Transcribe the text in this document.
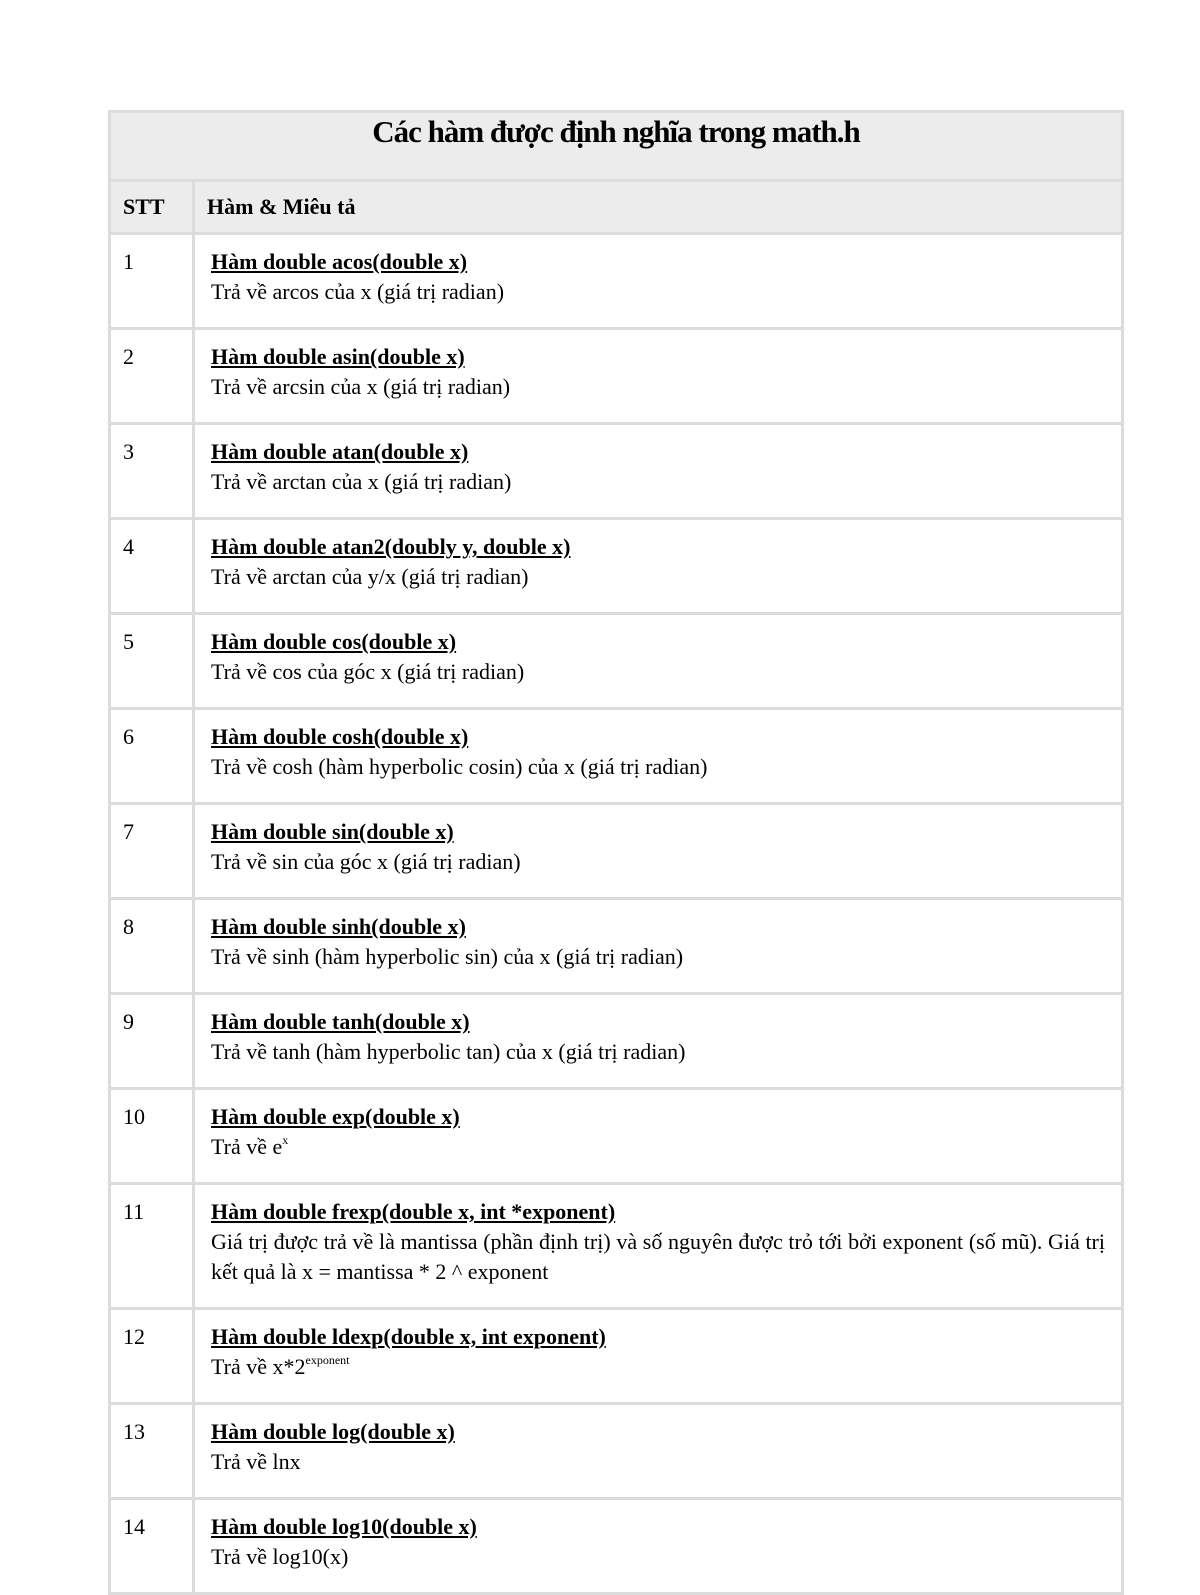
Các hàm được định nghĩa trong math.h	
STT	Hàm & Miêu tả
1	Hàm double acos(double x)
Trả về arcos của x (giá trị radian)

2	Hàm double asin(double x)
Trả về arcsin của x (giá trị radian)

3	Hàm double atan(double x)
Trả về arctan của x (giá trị radian)

4	Hàm double atan2(doubly y, double x)
Trả về arctan của y/x (giá trị radian)

5	Hàm double cos(double x)
Trả về cos của góc x (giá trị radian)

6	Hàm double cosh(double x)
Trả về cosh (hàm hyperbolic cosin) của x (giá trị radian)

7	Hàm double sin(double x)
Trả về sin của góc x (giá trị radian)

8	Hàm double sinh(double x)
Trả về sinh (hàm hyperbolic sin) của x (giá trị radian)

9	Hàm double tanh(double x)
Trả về tanh (hàm hyperbolic tan) của x (giá trị radian)

10	Hàm double exp(double x)
Trả về $e^x$

11	Hàm double frexp(double x, int *exponent)
Giá trị được trả về là mantissa (phần định trị) và số nguyên được trỏ tới bởi exponent (số mũ). Giá trị kết quả là x = mantissa * 2 ^ exponent

12	Hàm double ldexp(double x, int exponent)
Trả về $x*2^{exponent}$

13	Hàm double log(double x)
Trả về lnx

14	Hàm double log10(double x)
Trả về log10(x)
